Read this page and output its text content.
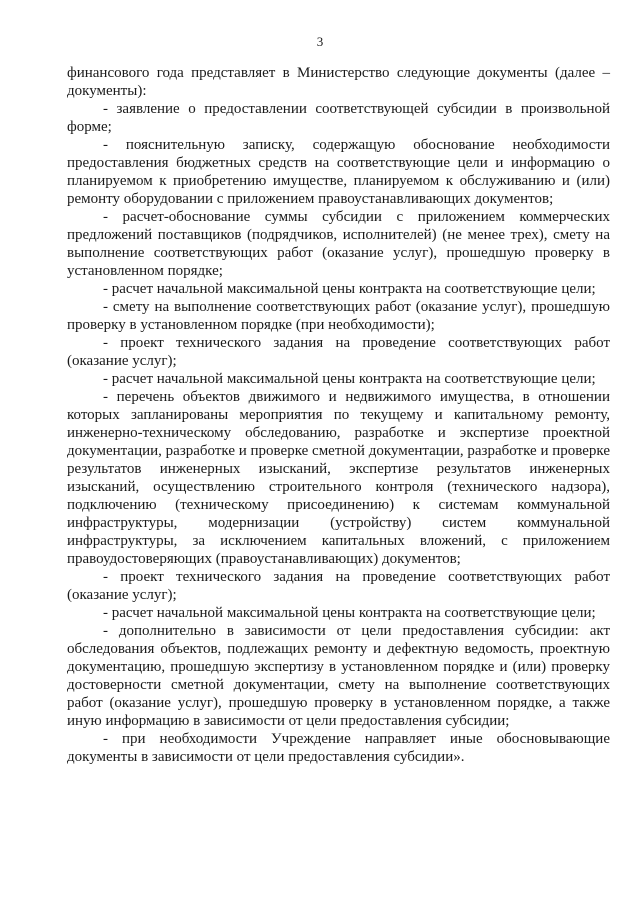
3

финансового года представляет в Министерство следующие документы (далее – документы):

- заявление о предоставлении соответствующей субсидии в произвольной форме;

- пояснительную записку, содержащую обоснование необходимости предоставления бюджетных средств на соответствующие цели и информацию о планируемом к приобретению имуществе, планируемом к обслуживанию и (или) ремонту оборудовании с приложением правоустанавливающих документов;

- расчет-обоснование суммы субсидии с приложением коммерческих предложений поставщиков (подрядчиков, исполнителей) (не менее трех), смету на выполнение соответствующих работ (оказание услуг), прошедшую проверку в установленном порядке;

- расчет начальной максимальной цены контракта на соответствующие цели;

- смету на выполнение соответствующих работ (оказание услуг), прошедшую проверку в установленном порядке (при необходимости);

- проект технического задания на проведение соответствующих работ (оказание услуг);

- расчет начальной максимальной цены контракта на соответствующие цели;

- перечень объектов движимого и недвижимого имущества, в отношении которых запланированы мероприятия по текущему и капитальному ремонту, инженерно-техническому обследованию, разработке и экспертизе проектной документации, разработке и проверке сметной документации, разработке и проверке результатов инженерных изысканий, экспертизе результатов инженерных изысканий, осуществлению строительного контроля (технического надзора), подключению (техническому присоединению) к системам коммунальной инфраструктуры, модернизации (устройству) систем коммунальной инфраструктуры, за исключением капитальных вложений, с приложением правоудостоверяющих (правоустанавливающих) документов;

- проект технического задания на проведение соответствующих работ (оказание услуг);

- расчет начальной максимальной цены контракта на соответствующие цели;

- дополнительно в зависимости от цели предоставления субсидии: акт обследования объектов, подлежащих ремонту и дефектную ведомость, проектную документацию, прошедшую экспертизу в установленном порядке и (или) проверку достоверности сметной документации, смету на выполнение соответствующих работ (оказание услуг), прошедшую проверку в установленном порядке, а также иную информацию в зависимости от цели предоставления субсидии;

- при необходимости Учреждение направляет иные обосновывающие документы в зависимости от цели предоставления субсидии».
